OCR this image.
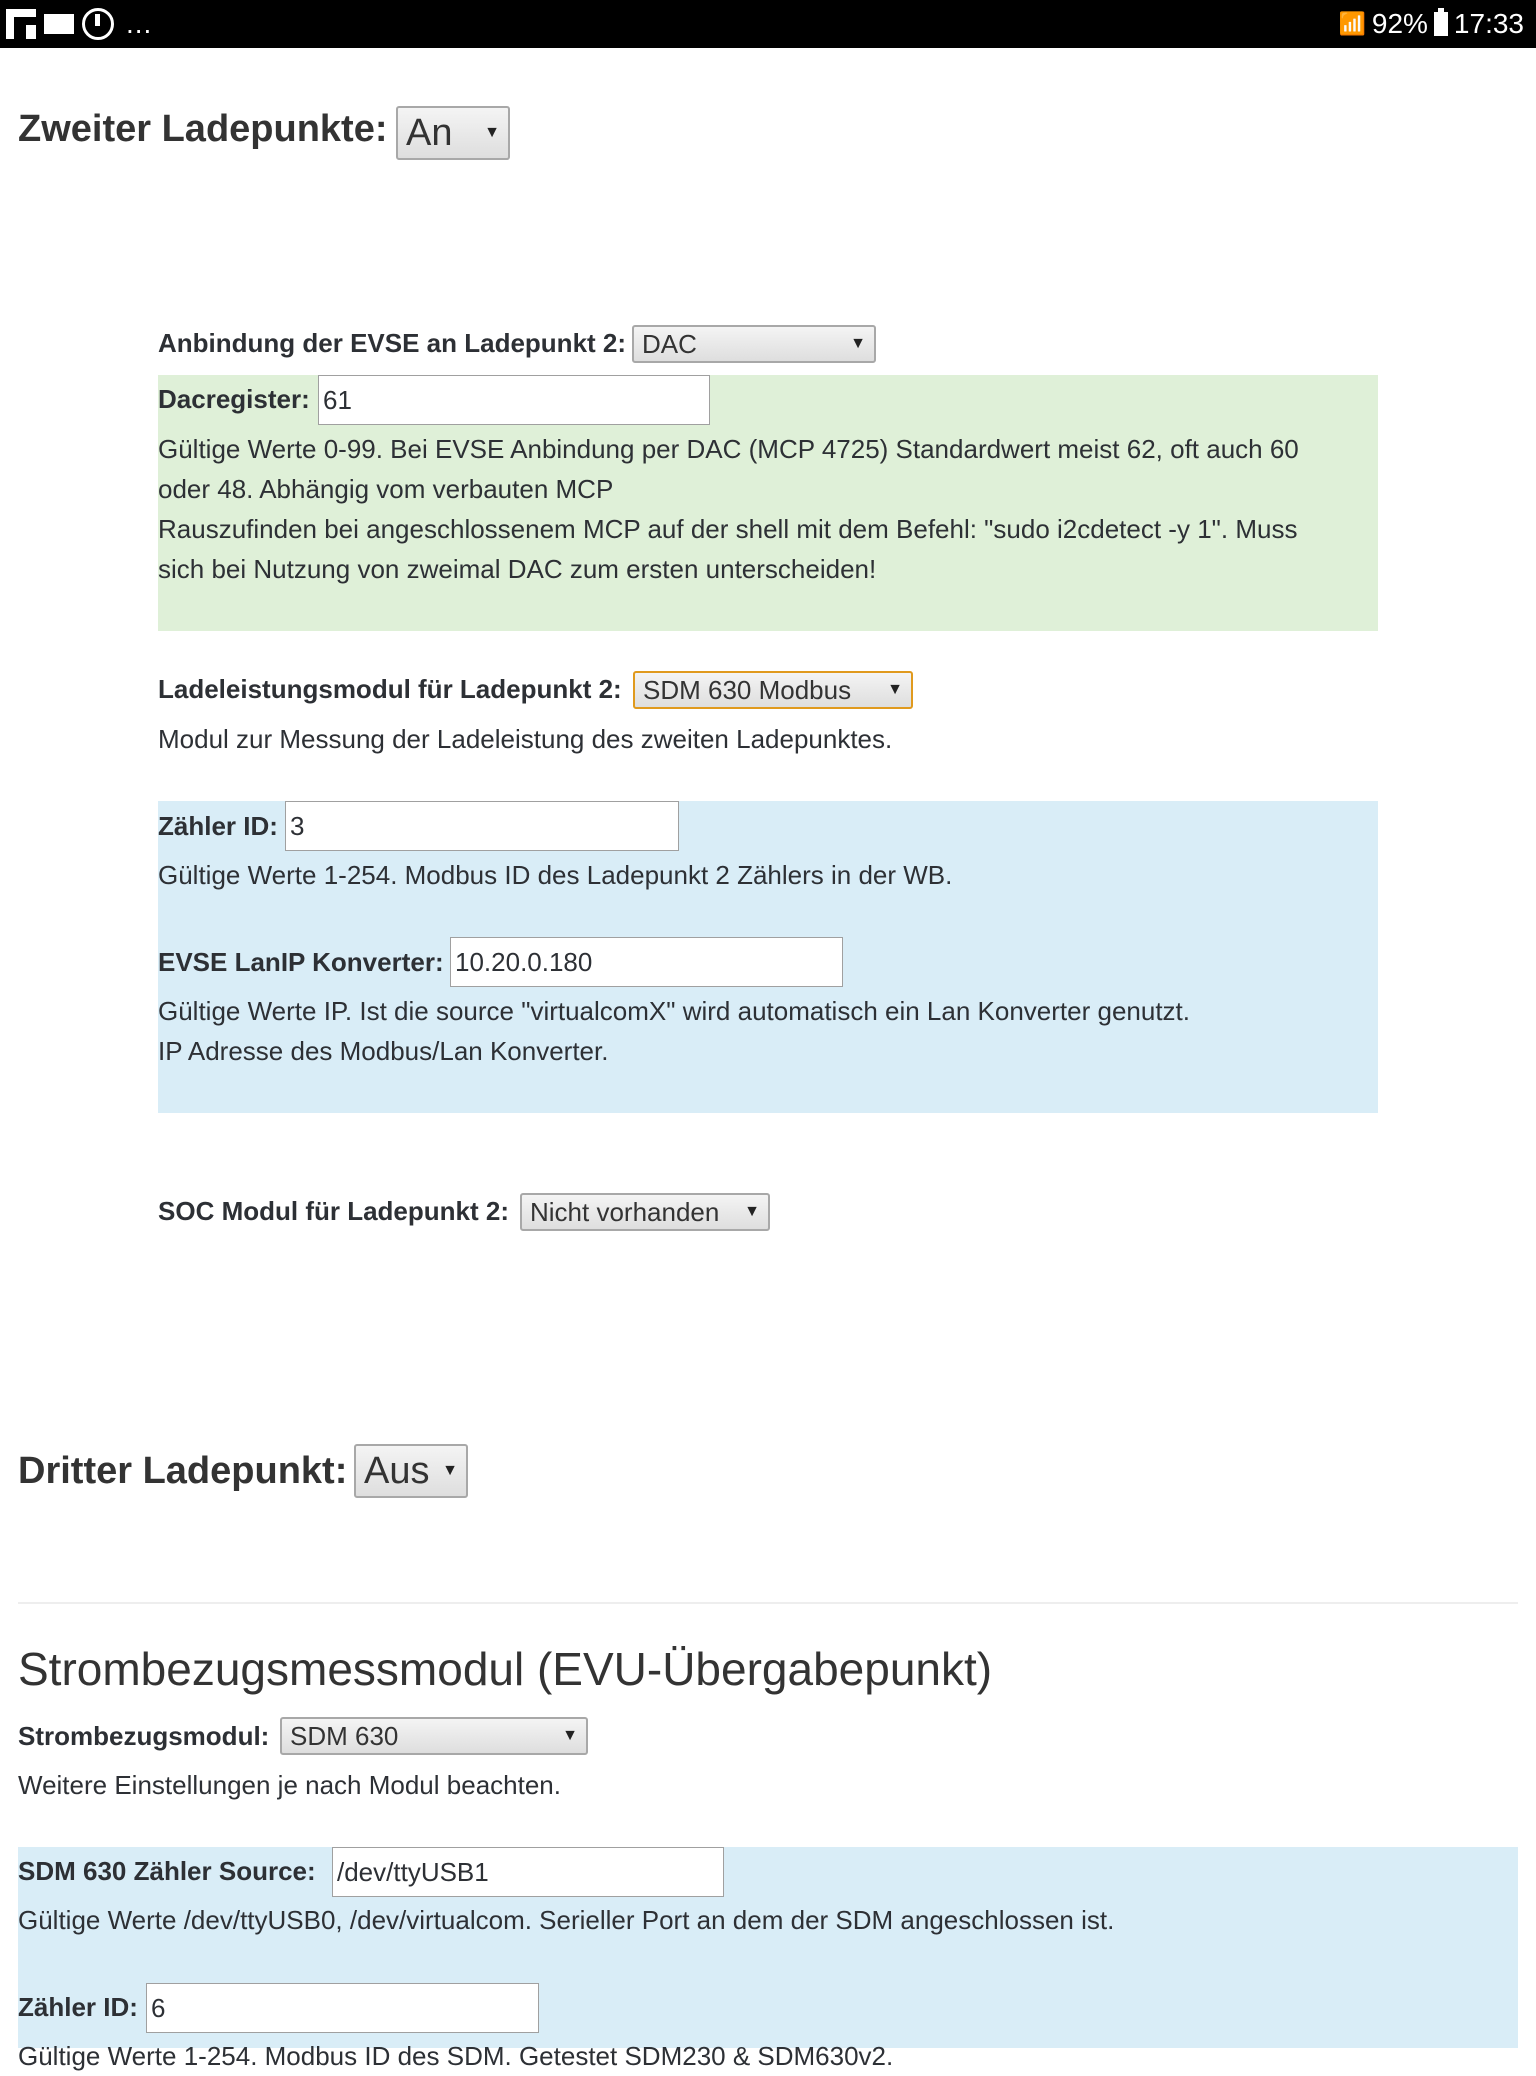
...	📶 92% 17:33
Zweiter Ladepunkte: An ▼
Anbindung der EVSE an Ladepunkt 2: DAC	▼
Dacregister: 61
Gültige Werte 0-99. Bei EVSE Anbindung per DAC (MCP 4725) Standardwert meist 62, oft auch 60
oder 48. Abhängig vom verbauten MCP
Rauszufinden bei angeschlossenem MCP auf der shell mit dem Befehl: "sudo i2cdetect -y 1". Muss
sich bei Nutzung von zweimal DAC zum ersten unterscheiden!
Ladeleistungsmodul für Ladepunkt 2: SDM 630 Modbus ▼
Modul zur Messung der Ladeleistung des zweiten Ladepunktes.
Zähler ID: 3
Gültige Werte 1-254. Modbus ID des Ladepunkt 2 Zählers in der WB.
EVSE LanIP Konverter: 10.20.0.180
Gültige Werte IP. Ist die source "virtualcomX" wird automatisch ein Lan Konverter genutzt.
IP Adresse des Modbus/Lan Konverter.
SOC Modul für Ladepunkt 2: Nicht vorhanden ▼
Dritter Ladepunkt: Aus ▼
Strombezugsmessmodul (EVU-Übergabepunkt)
Strombezugsmodul: SDM 630	▼
Weitere Einstellungen je nach Modul beachten.
SDM 630 Zähler Source: /dev/ttyUSB1
Gültige Werte /dev/ttyUSB0, /dev/virtualcom. Serieller Port an dem der SDM angeschlossen ist.
Zähler ID: 6
Gültige Werte 1-254. Modbus ID des SDM. Getestet SDM230 & SDM630v2.
